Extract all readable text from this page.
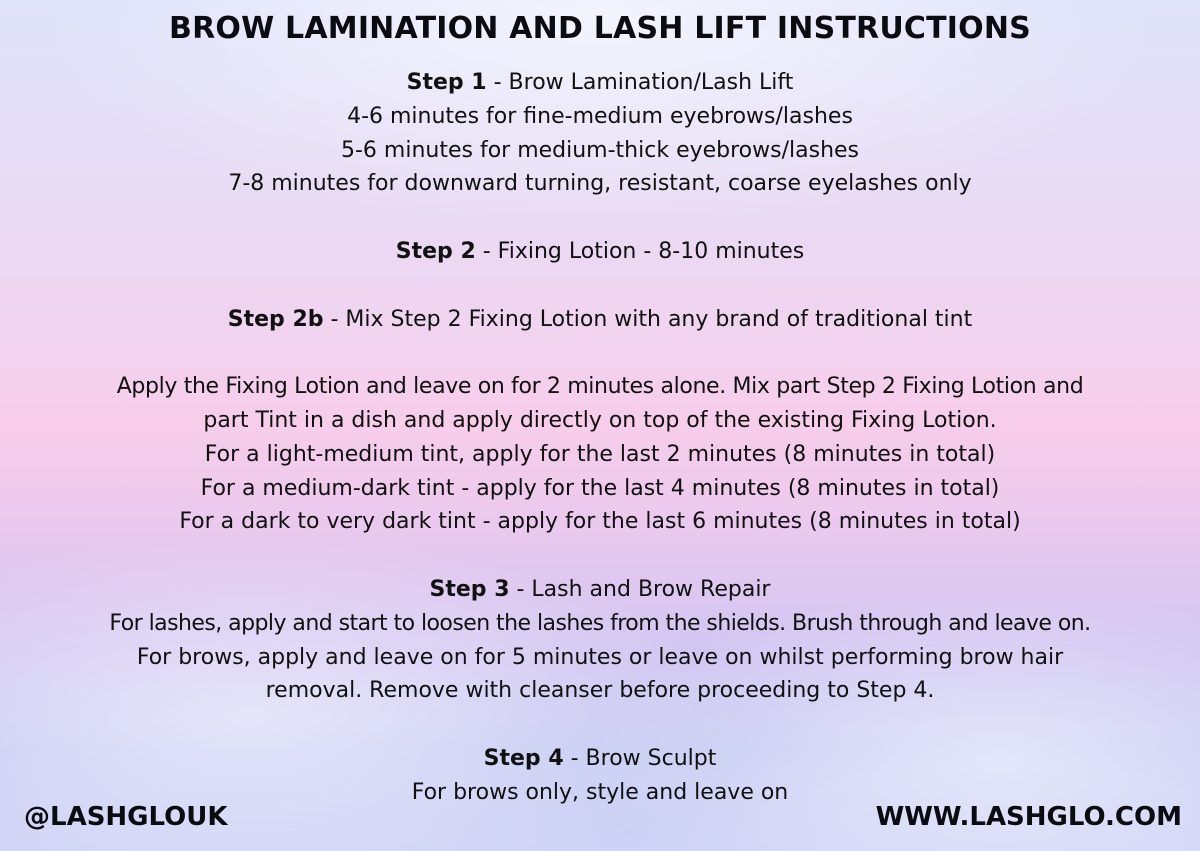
BROW LAMINATION AND LASH LIFT INSTRUCTIONS
Step 1 - Brow Lamination/Lash Lift
4-6 minutes for fine-medium eyebrows/lashes
5-6 minutes for medium-thick eyebrows/lashes
7-8 minutes for downward turning, resistant, coarse eyelashes only
Step 2 - Fixing Lotion - 8-10 minutes
Step 2b - Mix Step 2 Fixing Lotion with any brand of traditional tint
Apply the Fixing Lotion and leave on for 2 minutes alone. Mix part Step 2 Fixing Lotion and
part Tint in a dish and apply directly on top of the existing Fixing Lotion.
For a light-medium tint, apply for the last 2 minutes (8 minutes in total)
For a medium-dark tint - apply for the last 4 minutes (8 minutes in total)
For a dark to very dark tint - apply for the last 6 minutes (8 minutes in total)
Step 3 - Lash and Brow Repair
For lashes, apply and start to loosen the lashes from the shields. Brush through and leave on.
For brows, apply and leave on for 5 minutes or leave on whilst performing brow hair
removal. Remove with cleanser before proceeding to Step 4.
Step 4 - Brow Sculpt
For brows only, style and leave on
@LASHGLOUK	WWW.LASHGLO.COM
